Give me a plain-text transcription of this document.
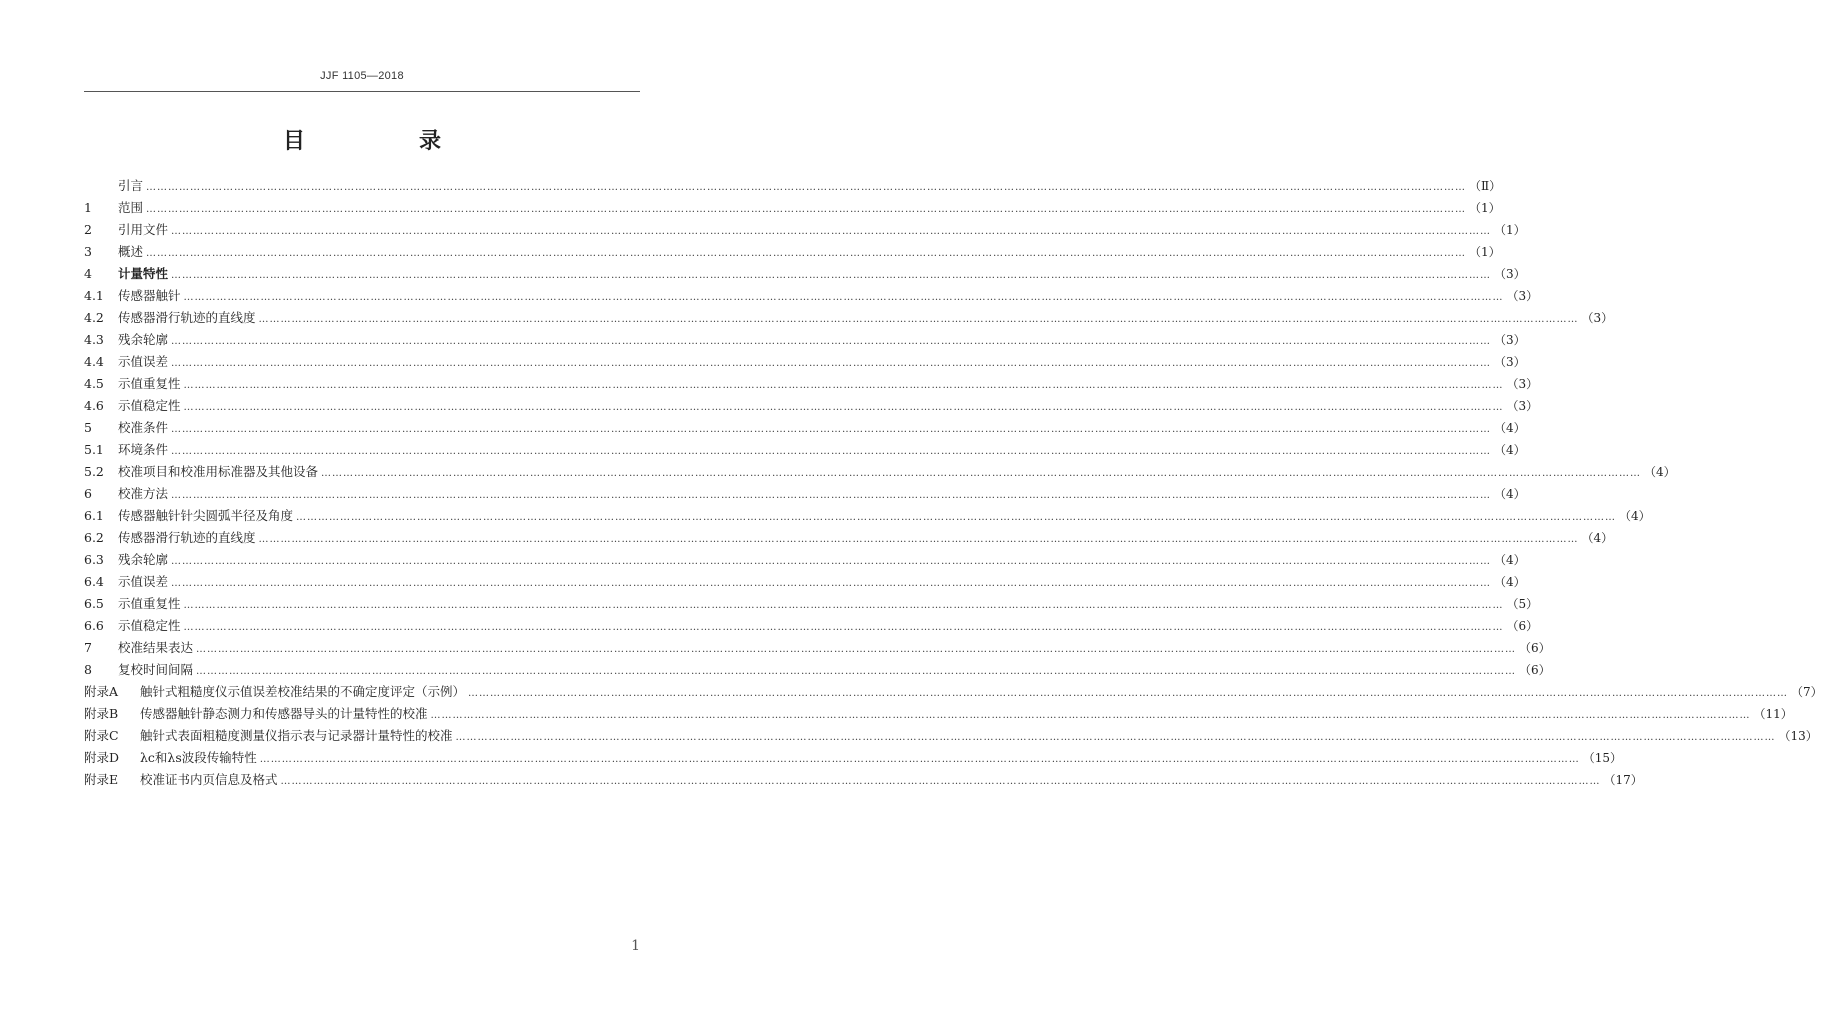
JJF 1105—2018
目　录
引言 ……………………………………………………………………………………………………………………………………………………………………………………………………………………………………………………………………………………………………………………………… （Ⅱ）
1	范围 ……………………………………………………………………………………………………………………………………………………………………………………………………………………………………………………………………………………………………………………………… （1）
2	引用文件 ……………………………………………………………………………………………………………………………………………………………………………………………………………………………………………………………………………………………………………………………… （1）
3	概述 ……………………………………………………………………………………………………………………………………………………………………………………………………………………………………………………………………………………………………………………………… （1）
4	计量特性 ……………………………………………………………………………………………………………………………………………………………………………………………………………………………………………………………………………………………………………………………… （3）
4.1	传感器触针 ……………………………………………………………………………………………………………………………………………………………………………………………………………………………………………………………………………………………………………………………… （3）
4.2	传感器滑行轨迹的直线度 ……………………………………………………………………………………………………………………………………………………………………………………………………………………………………………………………………………………………………………………………… （3）
4.3	残余轮廓 ……………………………………………………………………………………………………………………………………………………………………………………………………………………………………………………………………………………………………………………………… （3）
4.4	示值误差 ……………………………………………………………………………………………………………………………………………………………………………………………………………………………………………………………………………………………………………………………… （3）
4.5	示值重复性 ……………………………………………………………………………………………………………………………………………………………………………………………………………………………………………………………………………………………………………………………… （3）
4.6	示值稳定性 ……………………………………………………………………………………………………………………………………………………………………………………………………………………………………………………………………………………………………………………………… （3）
5	校准条件 ……………………………………………………………………………………………………………………………………………………………………………………………………………………………………………………………………………………………………………………………… （4）
5.1	环境条件 ……………………………………………………………………………………………………………………………………………………………………………………………………………………………………………………………………………………………………………………………… （4）
5.2	校准项目和校准用标准器及其他设备 ……………………………………………………………………………………………………………………………………………………………………………………………………………………………………………………………………………………………………………………………… （4）
6	校准方法 ……………………………………………………………………………………………………………………………………………………………………………………………………………………………………………………………………………………………………………………………… （4）
6.1	传感器触针针尖圆弧半径及角度 ……………………………………………………………………………………………………………………………………………………………………………………………………………………………………………………………………………………………………………………………… （4）
6.2	传感器滑行轨迹的直线度 ……………………………………………………………………………………………………………………………………………………………………………………………………………………………………………………………………………………………………………………………… （4）
6.3	残余轮廓 ……………………………………………………………………………………………………………………………………………………………………………………………………………………………………………………………………………………………………………………………… （4）
6.4	示值误差 ……………………………………………………………………………………………………………………………………………………………………………………………………………………………………………………………………………………………………………………………… （4）
6.5	示值重复性 ……………………………………………………………………………………………………………………………………………………………………………………………………………………………………………………………………………………………………………………………… （5）
6.6	示值稳定性 ……………………………………………………………………………………………………………………………………………………………………………………………………………………………………………………………………………………………………………………………… （6）
7	校准结果表达 ……………………………………………………………………………………………………………………………………………………………………………………………………………………………………………………………………………………………………………………………… （6）
8	复校时间间隔 ……………………………………………………………………………………………………………………………………………………………………………………………………………………………………………………………………………………………………………………………… （6）
附录A	触针式粗糙度仪示值误差校准结果的不确定度评定（示例） ……………………………………………………………………………………………………………………………………………………………………………………………………………………………………………………………………………………………………………………………… （7）
附录B	传感器触针静态测力和传感器导头的计量特性的校准 ……………………………………………………………………………………………………………………………………………………………………………………………………………………………………………………………………………………………………………………………… （11）
附录C	触针式表面粗糙度测量仪指示表与记录器计量特性的校准 ……………………………………………………………………………………………………………………………………………………………………………………………………………………………………………………………………………………………………………………………… （13）
附录D	λc和λs波段传输特性 ……………………………………………………………………………………………………………………………………………………………………………………………………………………………………………………………………………………………………………………………… （15）
附录E	校准证书内页信息及格式 ……………………………………………………………………………………………………………………………………………………………………………………………………………………………………………………………………………………………………………………………… （17）
1
